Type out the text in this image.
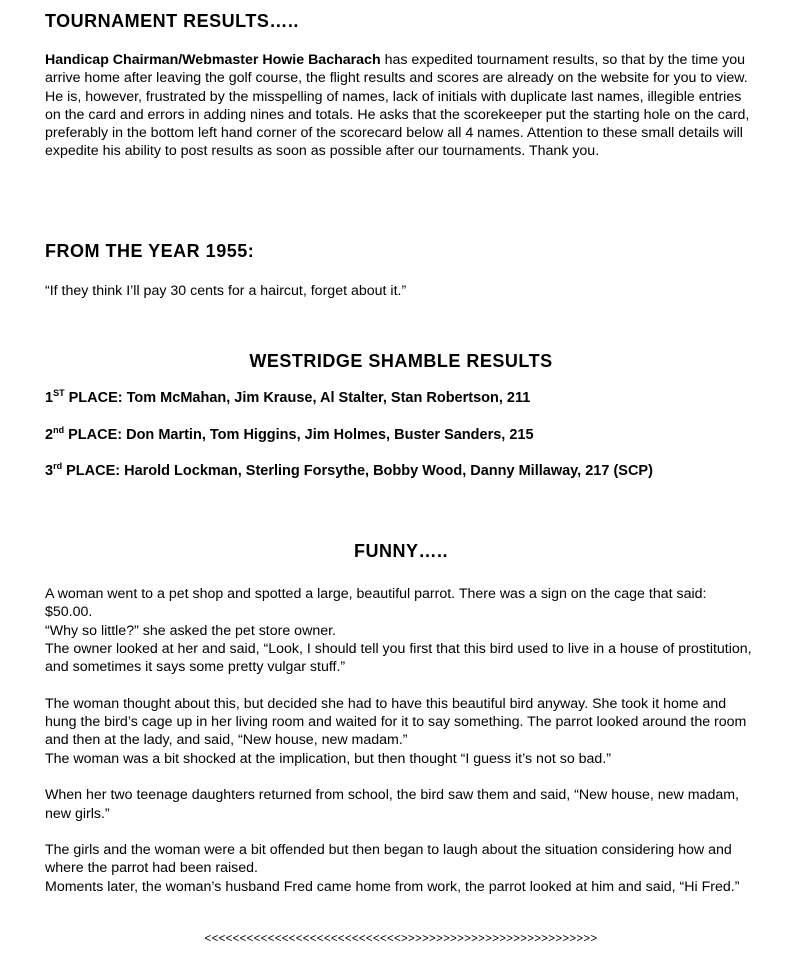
TOURNAMENT RESULTS…..

Handicap Chairman/Webmaster Howie Bacharach has expedited tournament results, so that by the time you arrive home after leaving the golf course, the flight results and scores are already on the website for you to view. He is, however, frustrated by the misspelling of names, lack of initials with duplicate last names, illegible entries on the card and errors in adding nines and totals. He asks that the scorekeeper put the starting hole on the card, preferably in the bottom left hand corner of the scorecard below all 4 names. Attention to these small details will expedite his ability to post results as soon as possible after our tournaments. Thank you.

FROM THE YEAR 1955:

“If they think I’ll pay 30 cents for a haircut, forget about it.”

WESTRIDGE SHAMBLE RESULTS

1ST PLACE: Tom McMahan, Jim Krause, Al Stalter, Stan Robertson, 211

2nd PLACE: Don Martin, Tom Higgins, Jim Holmes, Buster Sanders, 215

3rd PLACE: Harold Lockman, Sterling Forsythe, Bobby Wood, Danny Millaway, 217 (SCP)

FUNNY…..

A woman went to a pet shop and spotted a large, beautiful parrot. There was a sign on the cage that said: $50.00.

“Why so little?” she asked the pet store owner.

The owner looked at her and said, “Look, I should tell you first that this bird used to live in a house of prostitution, and sometimes it says some pretty vulgar stuff.”

The woman thought about this, but decided she had to have this beautiful bird anyway. She took it home and hung the bird’s cage up in her living room and waited for it to say something. The parrot looked around the room and then at the lady, and said, “New house, new madam.”

The woman was a bit shocked at the implication, but then thought “I guess it’s not so bad.”

When her two teenage daughters returned from school, the bird saw them and said, “New house, new madam, new girls.”

The girls and the woman were a bit offended but then began to laugh about the situation considering how and where the parrot had been raised.

Moments later, the woman’s husband Fred came home from work, the parrot looked at him and said, “Hi Fred.”

<<<<<<<<<<<<<<<<<<<<<<<<<<<<>>>>>>>>>>>>>>>>>>>>>>>>>>>>
